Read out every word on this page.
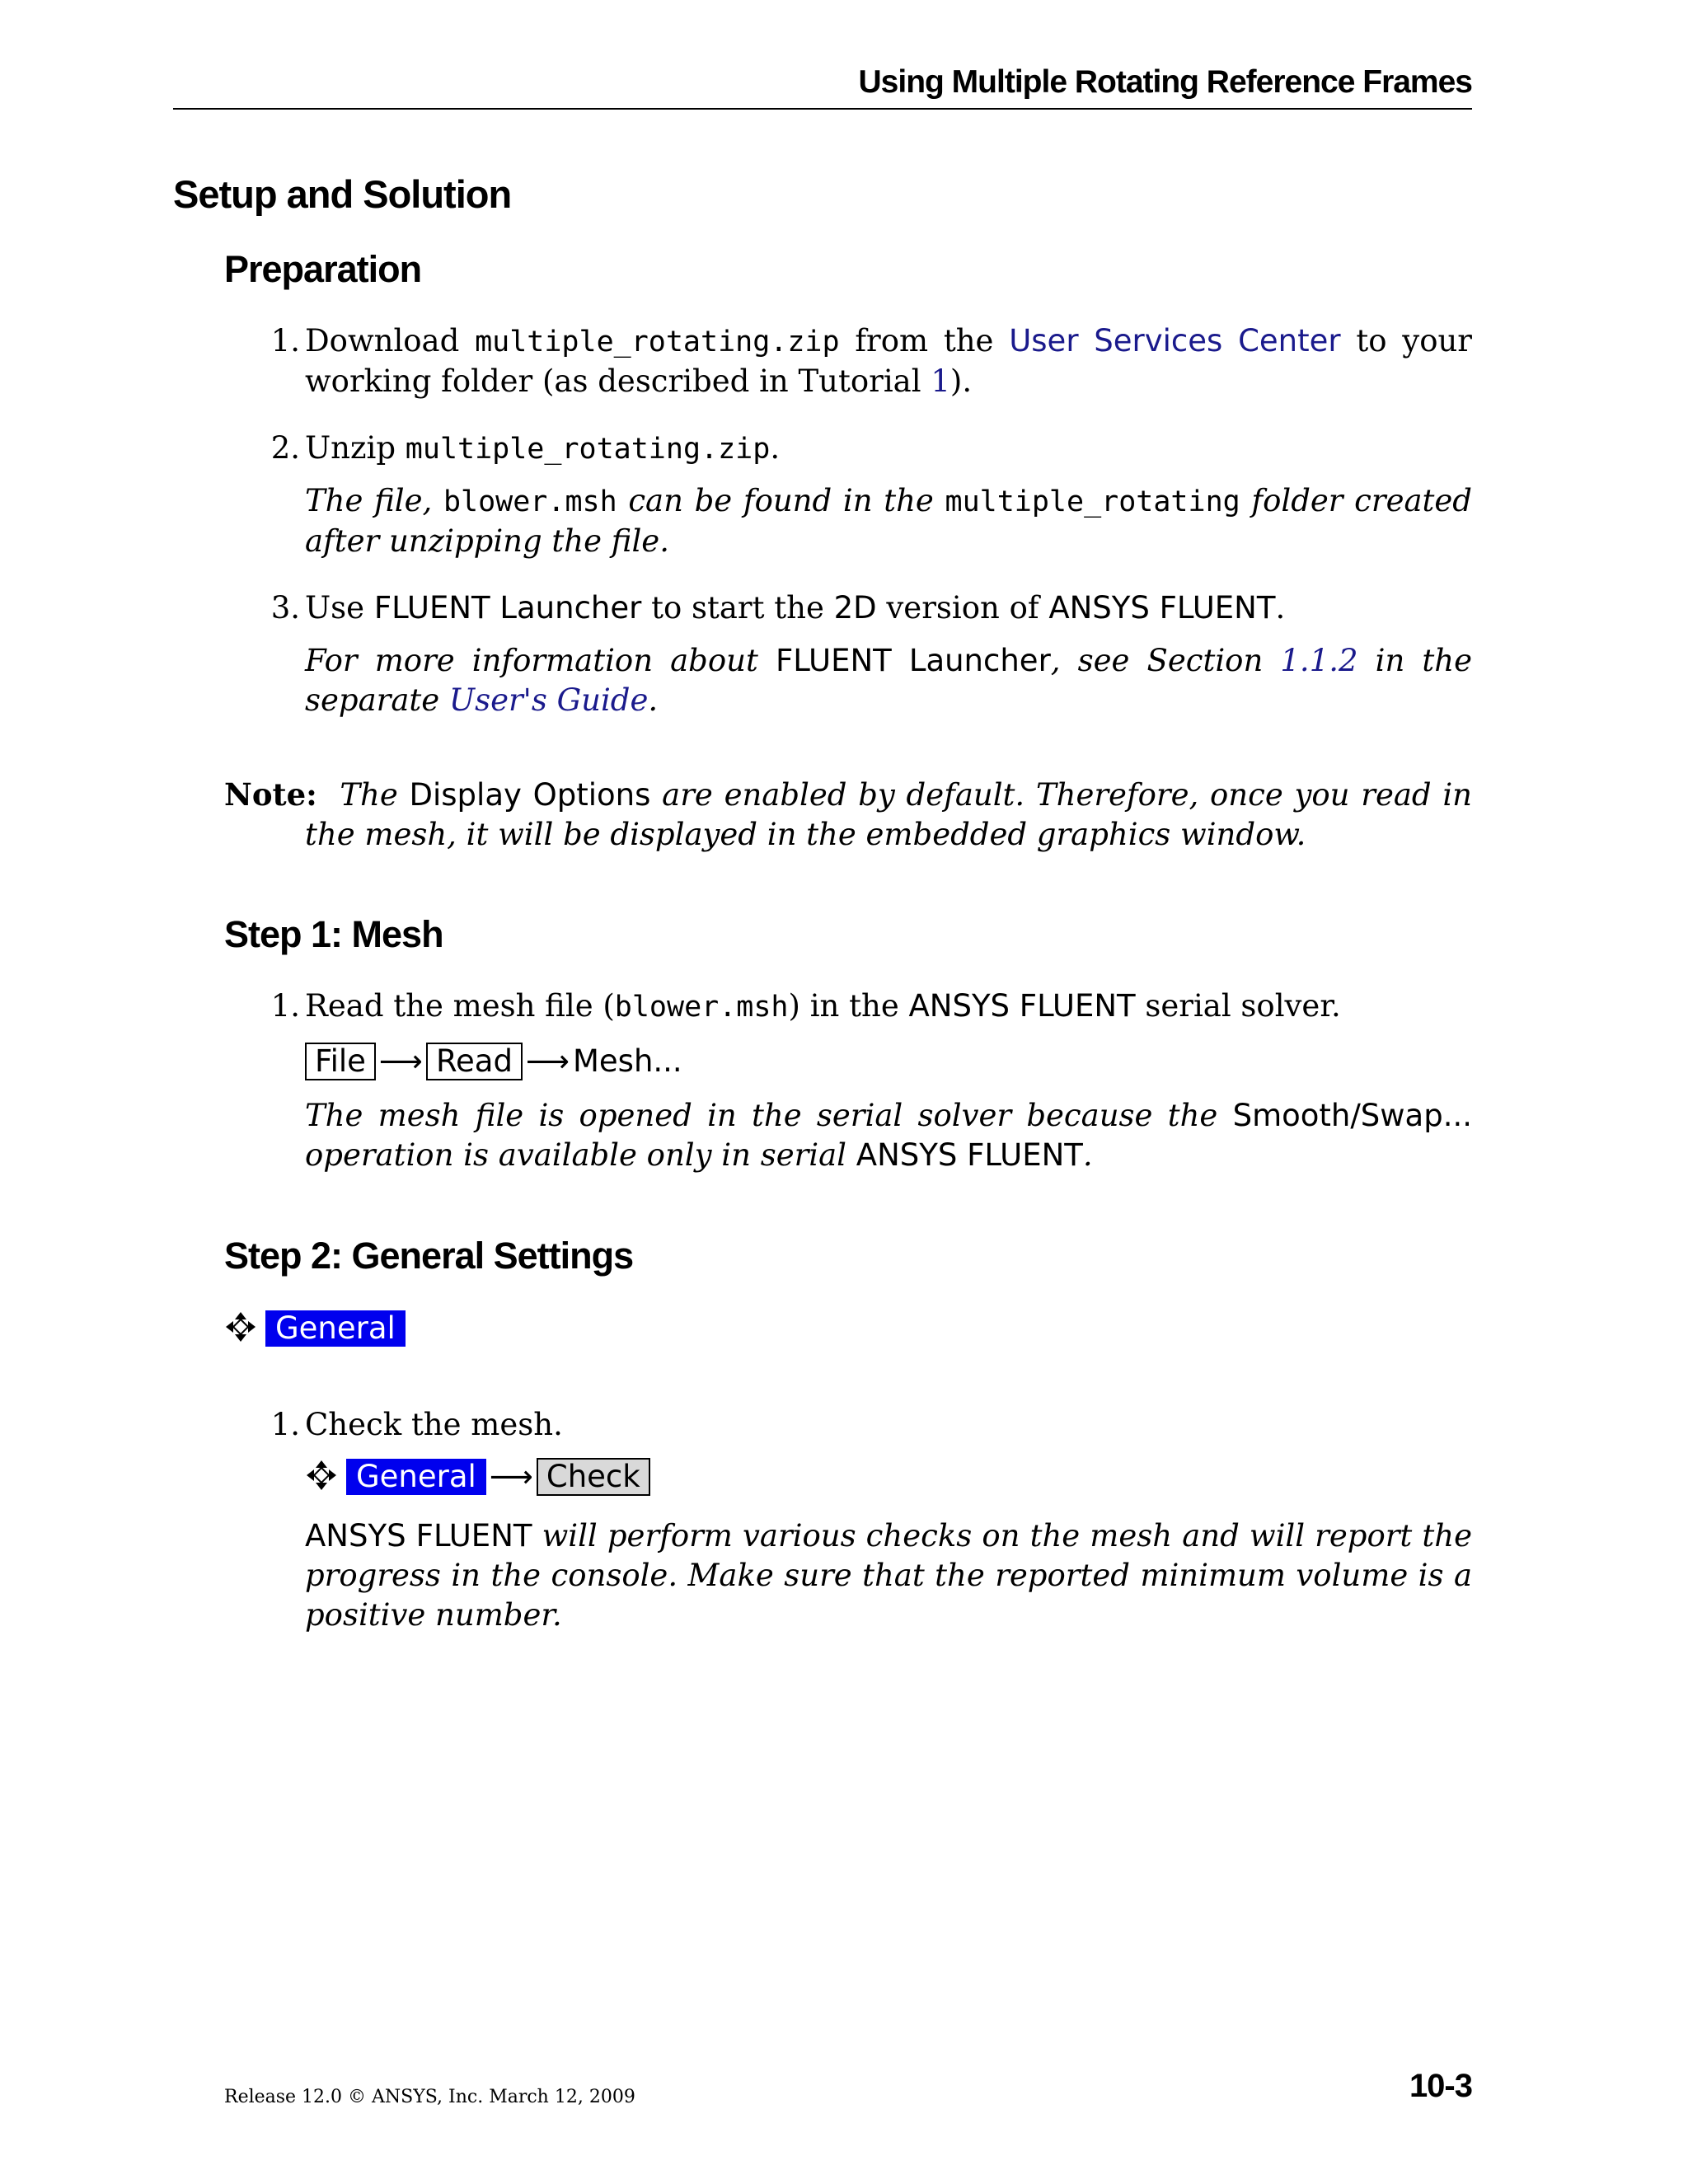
Using Multiple Rotating Reference Frames
Setup and Solution
Preparation
1. Download multiple_rotating.zip from the User Services Center to your working folder (as described in Tutorial 1).
2. Unzip multiple_rotating.zip.
The file, blower.msh can be found in the multiple_rotating folder created after unzipping the file.
3. Use FLUENT Launcher to start the 2D version of ANSYS FLUENT.
For more information about FLUENT Launcher, see Section 1.1.2 in the separate User's Guide.
Note: The Display Options are enabled by default. Therefore, once you read in the mesh, it will be displayed in the embedded graphics window.
Step 1: Mesh
1. Read the mesh file (blower.msh) in the ANSYS FLUENT serial solver.
File ⟶ Read ⟶ Mesh...
The mesh file is opened in the serial solver because the Smooth/Swap... operation is available only in serial ANSYS FLUENT.
Step 2: General Settings
General
1. Check the mesh.
General ⟶ Check
ANSYS FLUENT will perform various checks on the mesh and will report the progress in the console. Make sure that the reported minimum volume is a positive number.
Release 12.0 © ANSYS, Inc. March 12, 2009	10-3
